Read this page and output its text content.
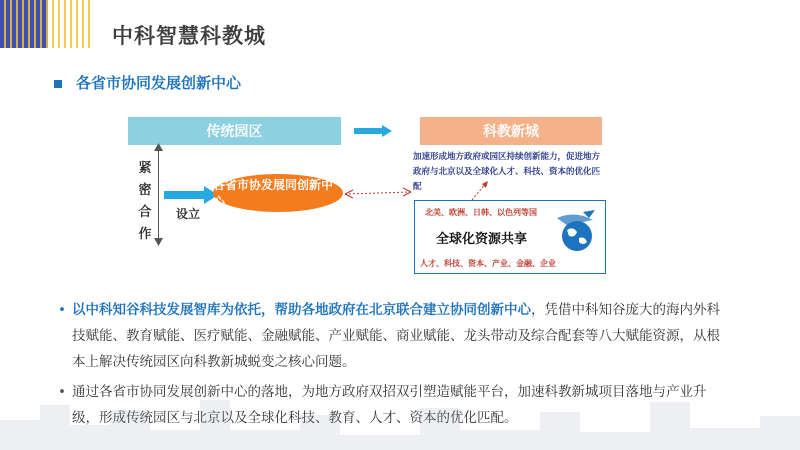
中科智慧科教城
各省市协同发展创新中心
传统园区	科教新城
紧
密
合
作
设立
各省市协发展同创新中心
加速形成地方政府或园区持续创新能力，促进地方政府与北京以及全球化人才、科技、资本的优化匹配
北美、欧洲、日韩、以色列等国
全球化资源共享
人才、科技、资本、产业、金融、企业

• 以中科知谷科技发展智库为依托，帮助各地政府在北京联合建立协同创新中心，凭借中科知谷庞大的海内外科技赋能、教育赋能、医疗赋能、金融赋能、产业赋能、商业赋能、龙头带动及综合配套等八大赋能资源，从根本上解决传统园区向科教新城蜕变之核心问题。

• 通过各省市协同发展创新中心的落地，为地方政府双招双引塑造赋能平台，加速科教新城项目落地与产业升级，形成传统园区与北京以及全球化科技、教育、人才、资本的优化匹配。
